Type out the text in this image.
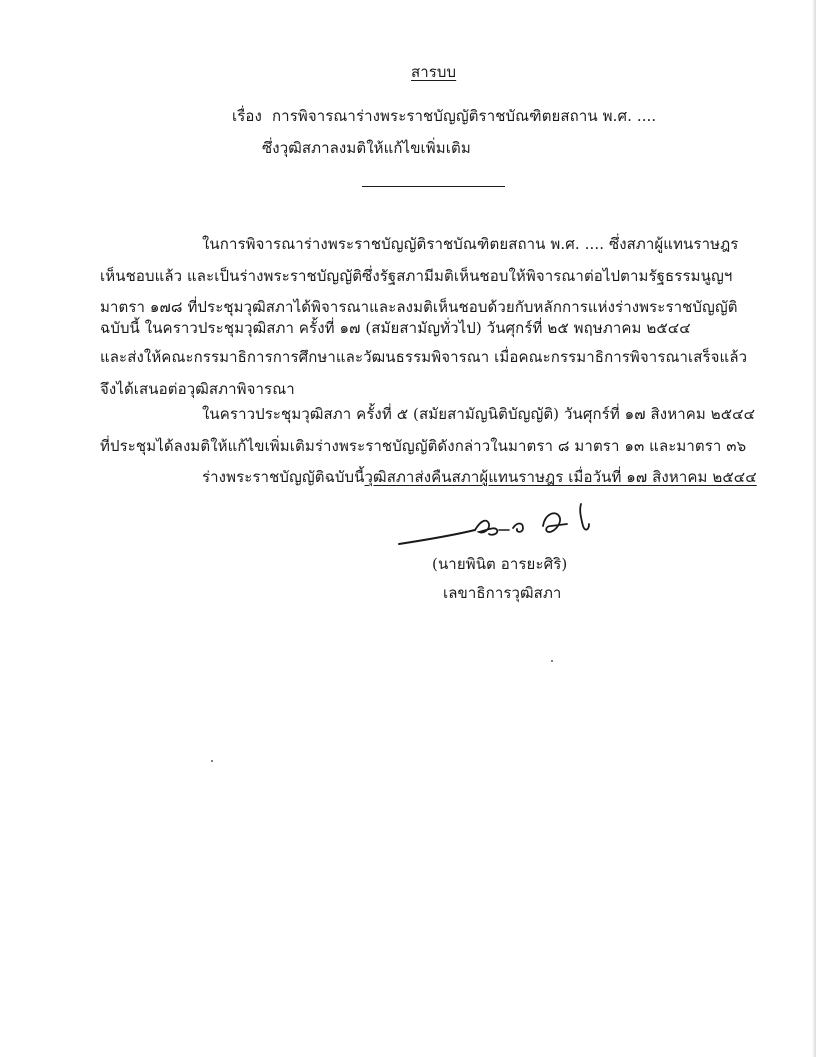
สารบบ
เรื่อง การพิจารณาร่างพระราชบัญญัติราชบัณฑิตยสถาน พ.ศ. ....
ซึ่งวุฒิสภาลงมติให้แก้ไขเพิ่มเติม
ในการพิจารณาร่างพระราชบัญญัติราชบัณฑิตยสถาน พ.ศ. .... ซึ่งสภาผู้แทนราษฎร
เห็นชอบแล้ว และเป็นร่างพระราชบัญญัติซึ่งรัฐสภามีมติเห็นชอบให้พิจารณาต่อไปตามรัฐธรรมนูญฯ
มาตรา ๑๗๘ ที่ประชุมวุฒิสภาได้พิจารณาและลงมติเห็นชอบด้วยกับหลักการแห่งร่างพระราชบัญญัติ
ฉบับนี้ ในคราวประชุมวุฒิสภา ครั้งที่ ๑๗ (สมัยสามัญทั่วไป) วันศุกร์ที่ ๒๕ พฤษภาคม ๒๕๔๔
และส่งให้คณะกรรมาธิการการศึกษาและวัฒนธรรมพิจารณา เมื่อคณะกรรมาธิการพิจารณาเสร็จแล้ว
จึงได้เสนอต่อวุฒิสภาพิจารณา
ในคราวประชุมวุฒิสภา ครั้งที่ ๕ (สมัยสามัญนิติบัญญัติ) วันศุกร์ที่ ๑๗ สิงหาคม ๒๕๔๔
ที่ประชุมได้ลงมติให้แก้ไขเพิ่มเติมร่างพระราชบัญญัติดังกล่าวในมาตรา ๘ มาตรา ๑๓ และมาตรา ๓๖
ร่างพระราชบัญญัติฉบับนี้วุฒิสภาส่งคืนสภาผู้แทนราษฎร เมื่อวันที่ ๑๗ สิงหาคม ๒๕๔๔
(นายพินิต อารยะศิริ)
เลขาธิการวุฒิสภา
